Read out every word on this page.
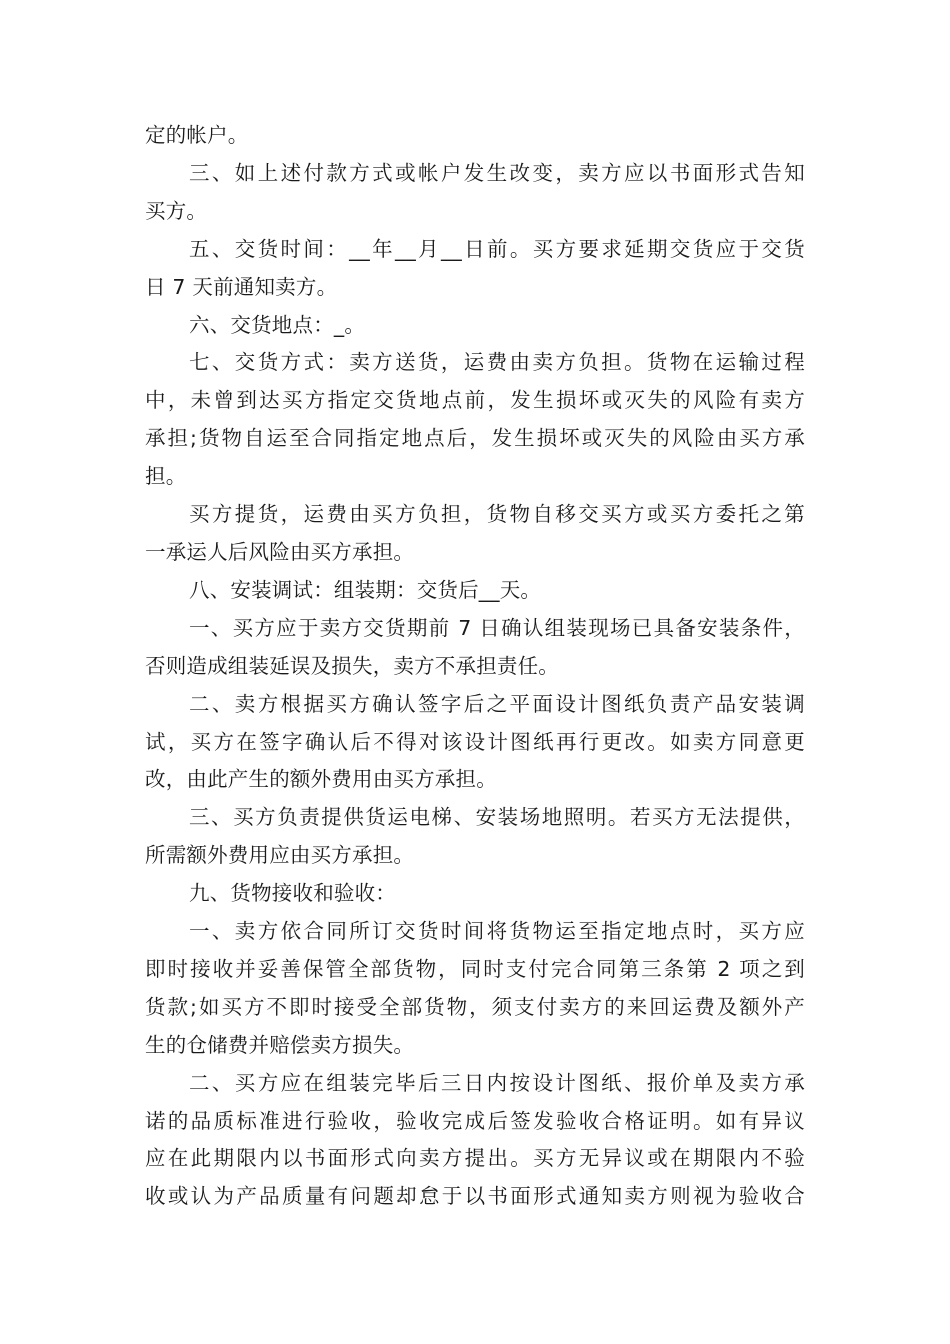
定的帐户。

三、如上述付款方式或帐户发生改变，卖方应以书面形式告知
买方。

五、交货时间：__年__月__日前。买方要求延期交货应于交货
日 7 天前通知卖方。

六、交货地点：_。

七、交货方式：卖方送货，运费由卖方负担。货物在运输过程
中，未曾到达买方指定交货地点前，发生损坏或灭失的风险有卖方
承担;货物自运至合同指定地点后，发生损坏或灭失的风险由买方承
担。

买方提货，运费由买方负担，货物自移交买方或买方委托之第
一承运人后风险由买方承担。

八、安装调试：组装期：交货后__天。

一、买方应于卖方交货期前 7 日确认组装现场已具备安装条件，
否则造成组装延误及损失，卖方不承担责任。

二、卖方根据买方确认签字后之平面设计图纸负责产品安装调
试，买方在签字确认后不得对该设计图纸再行更改。如卖方同意更
改，由此产生的额外费用由买方承担。

三、买方负责提供货运电梯、安装场地照明。若买方无法提供，
所需额外费用应由买方承担。

九、货物接收和验收：

一、卖方依合同所订交货时间将货物运至指定地点时，买方应
即时接收并妥善保管全部货物，同时支付完合同第三条第 2 项之到
货款;如买方不即时接受全部货物，须支付卖方的来回运费及额外产
生的仓储费并赔偿卖方损失。

二、买方应在组装完毕后三日内按设计图纸、报价单及卖方承
诺的品质标准进行验收，验收完成后签发验收合格证明。如有异议
应在此期限内以书面形式向卖方提出。买方无异议或在期限内不验
收或认为产品质量有问题却怠于以书面形式通知卖方则视为验收合
